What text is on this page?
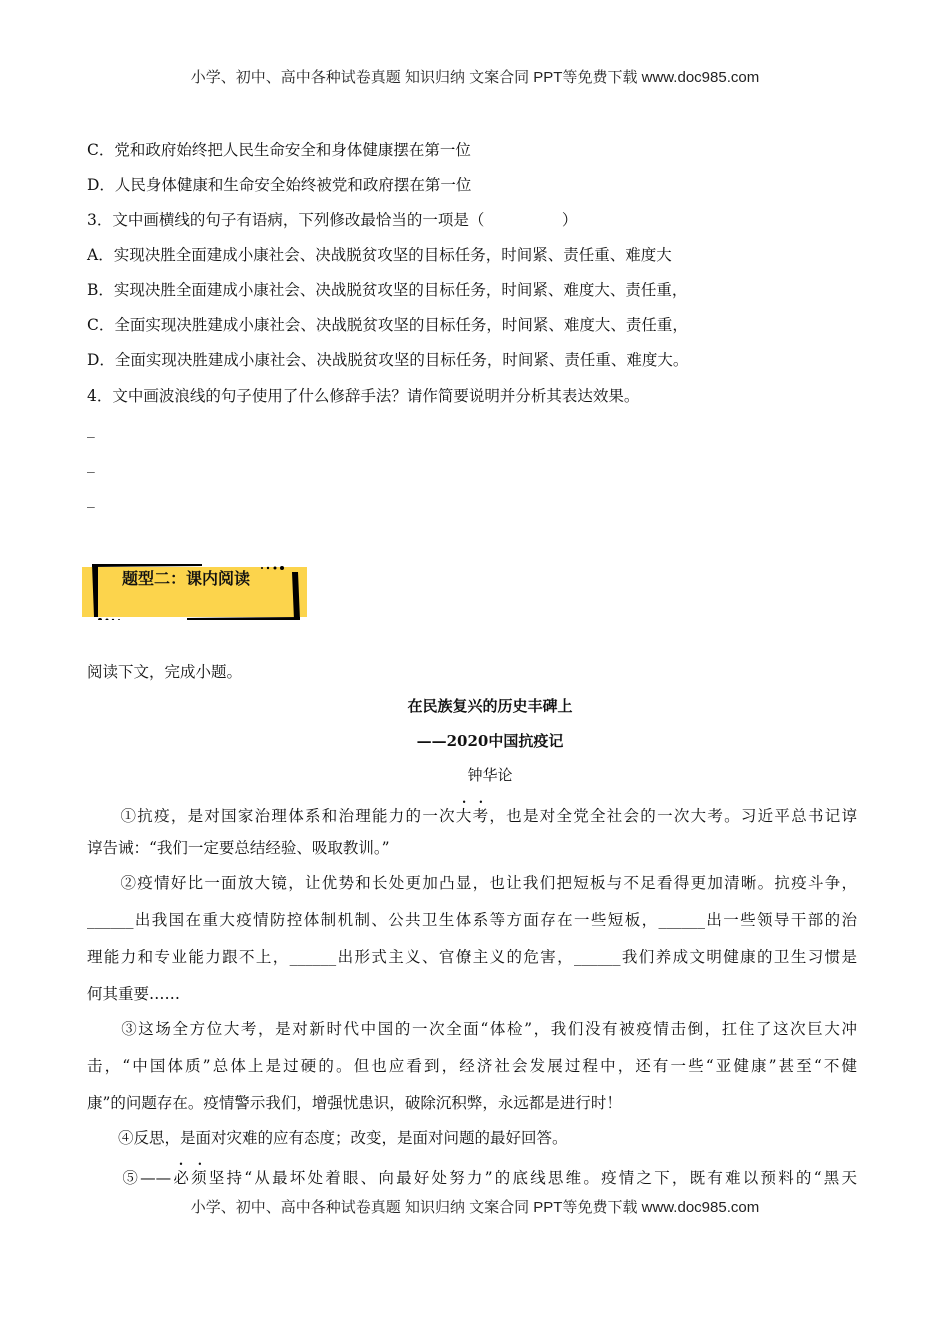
小学、初中、高中各种试卷真题 知识归纳 文案合同 PPT等免费下载 www.doc985.com
C．党和政府始终把人民生命安全和身体健康摆在第一位
D．人民身体健康和生命安全始终被党和政府摆在第一位
3．文中画横线的句子有语病，下列修改最恰当的一项是（　　　　　）
A．实现决胜全面建成小康社会、决战脱贫攻坚的目标任务，时间紧、责任重、难度大
B．实现决胜全面建成小康社会、决战脱贫攻坚的目标任务，时间紧、难度大、责任重，
C．全面实现决胜建成小康社会、决战脱贫攻坚的目标任务，时间紧、难度大、责任重，
D．全面实现决胜建成小康社会、决战脱贫攻坚的目标任务，时间紧、责任重、难度大。
4．文中画波浪线的句子使用了什么修辞手法？请作简要说明并分析其表达效果。
_
_
_
题型二：课内阅读
阅读下文，完成小题。
在民族复兴的历史丰碑上
——2020中国抗疫记
钟华论
　　①抗疫，是对国家治理体系和治理能力的一次大考，也是对全党全社会的一次大考。习近平总书记谆
谆告诫：“我们一定要总结经验、吸取教训。”
　　②疫情好比一面放大镜，让优势和长处更加凸显，也让我们把短板与不足看得更加清晰。抗疫斗争，
______出我国在重大疫情防控体制机制、公共卫生体系等方面存在一些短板，______出一些领导干部的治
理能力和专业能力跟不上，______出形式主义、官僚主义的危害，______我们养成文明健康的卫生习惯是
何其重要……
　　③这场全方位大考，是对新时代中国的一次全面“体检”，我们没有被疫情击倒，扛住了这次巨大冲
击，“中国体质”总体上是过硬的。但也应看到，经济社会发展过程中，还有一些“亚健康”甚至“不健
康”的问题存在。疫情警示我们，增强忧患识，破除沉积弊，永远都是进行时！
　　④反思，是面对灾难的应有态度；改变，是面对问题的最好回答。
　　⑤——必须坚持“从最坏处着眼、向最好处努力”的底线思维。疫情之下，既有难以预料的“黑天
小学、初中、高中各种试卷真题 知识归纳 文案合同 PPT等免费下载 www.doc985.com
